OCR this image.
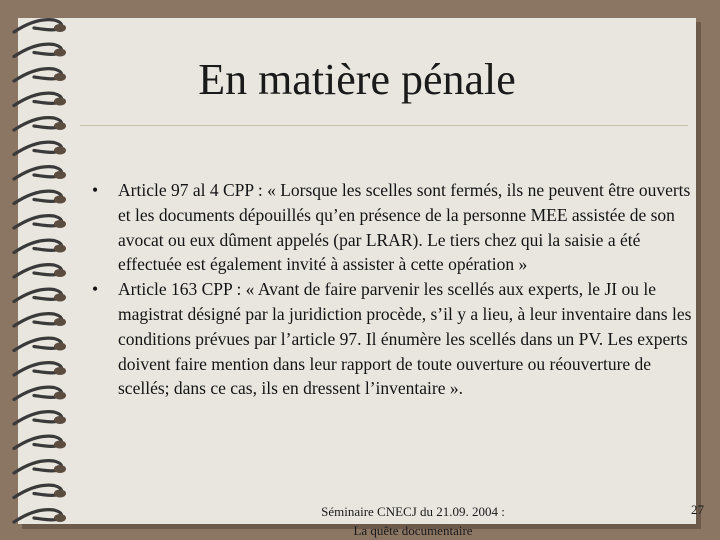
En matière pénale
• Article 97 al 4 CPP : « Lorsque les scelles sont fermés, ils ne peuvent être ouverts et les documents dépouillés qu’en présence de la personne MEE assistée de son avocat ou eux dûment appelés (par LRAR). Le tiers chez qui la saisie a été effectuée est également invité à assister à cette opération »
• Article 163 CPP : « Avant de faire parvenir les scellés aux experts, le JI ou le magistrat désigné par la juridiction procède, s’il y a lieu, à leur inventaire dans les conditions prévues par l’article 97. Il énumère les scellés dans un PV. Les experts doivent faire mention dans leur rapport de toute ouverture ou réouverture de scellés; dans ce cas, ils en dressent l’inventaire ».
Séminaire CNECJ du 21.09. 2004 :
La quête documentaire
27
